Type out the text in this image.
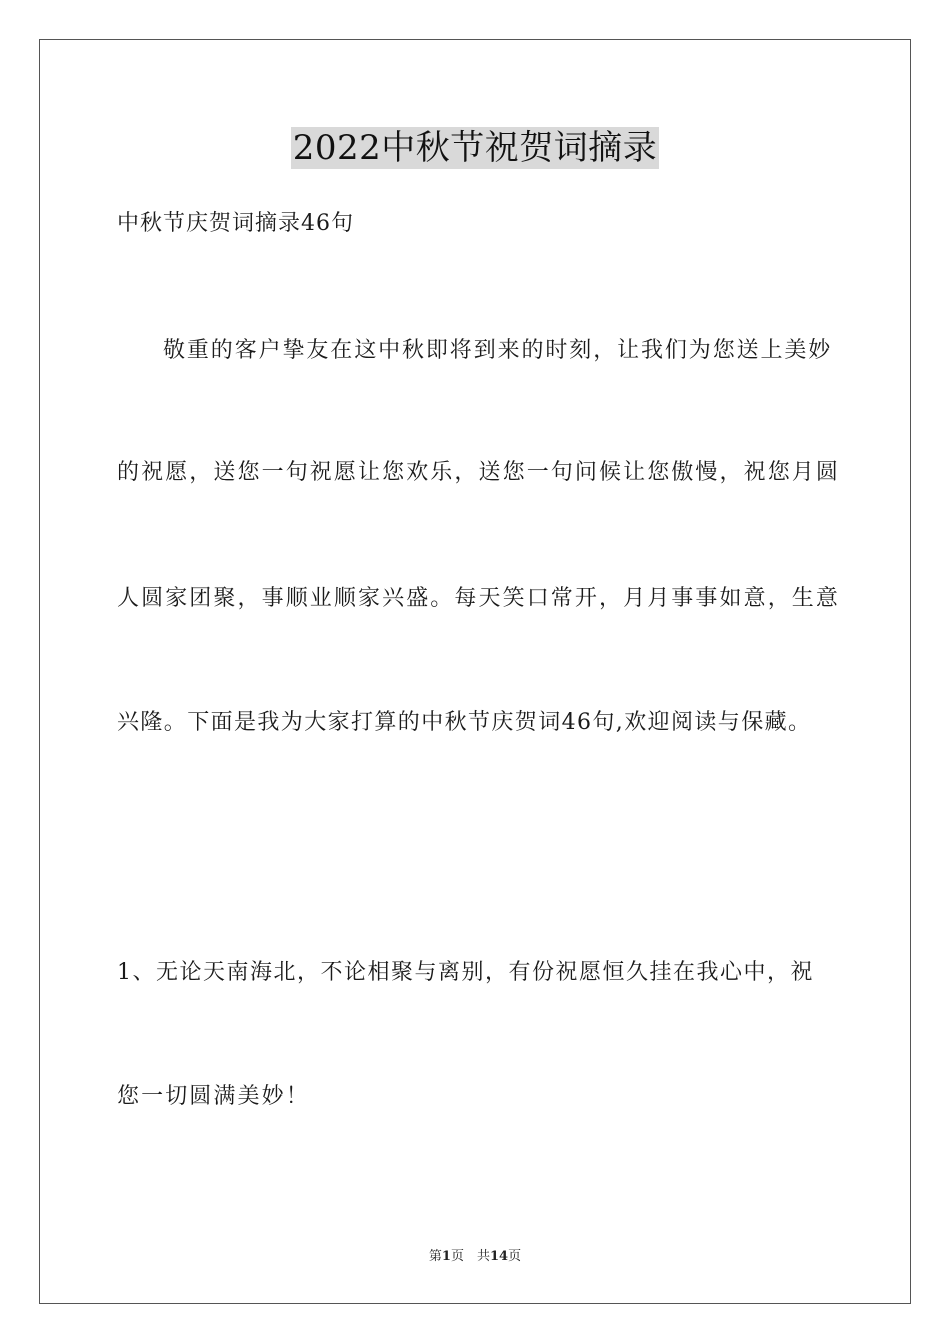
2022中秋节祝贺词摘录
中秋节庆贺词摘录46句
敬重的客户挚友在这中秋即将到来的时刻，让我们为您送上美妙
的祝愿，送您一句祝愿让您欢乐，送您一句问候让您傲慢，祝您月圆
人圆家团聚，事顺业顺家兴盛。每天笑口常开，月月事事如意，生意
兴隆。下面是我为大家打算的中秋节庆贺词46句,欢迎阅读与保藏。
1、无论天南海北，不论相聚与离别，有份祝愿恒久挂在我心中，祝
您一切圆满美妙！
第1页　共14页
